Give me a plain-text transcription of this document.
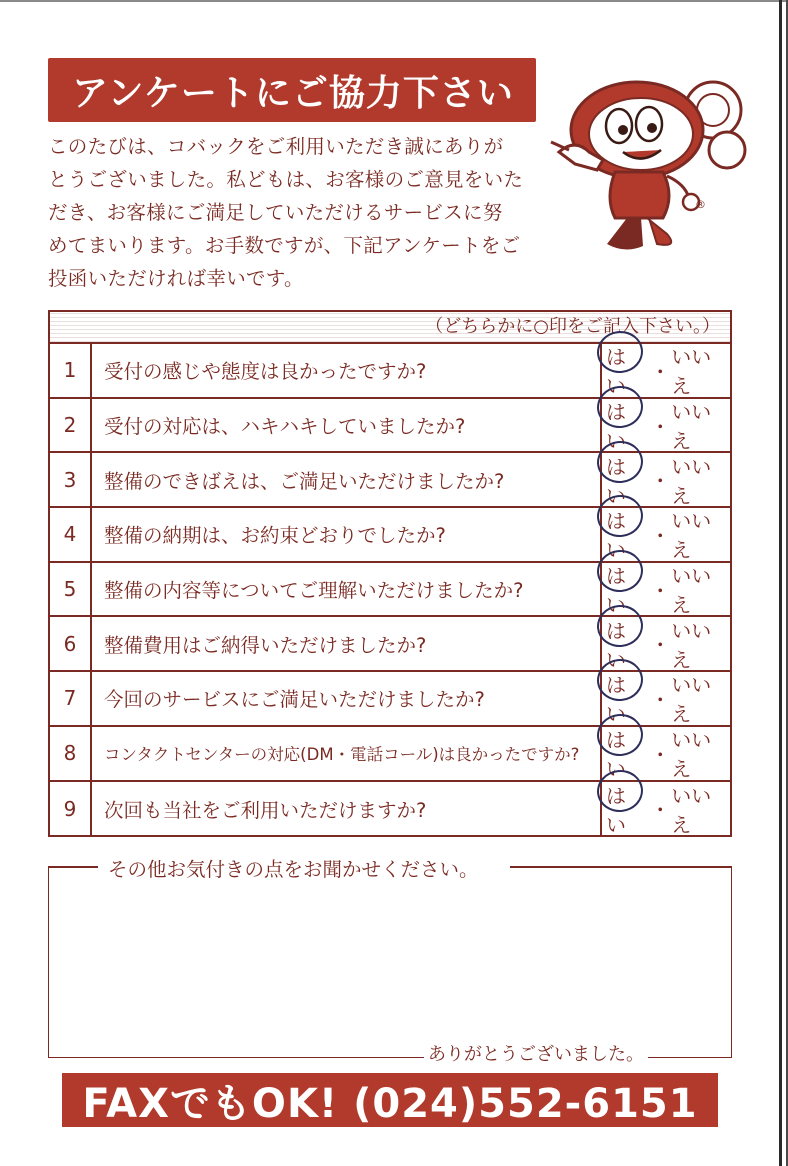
アンケートにご協力下さい
このたびは、コバックをご利用いただき誠にありが
とうございました。私どもは、お客様のご意見をいた
だき、お客様にご満足していただけるサービスに努
めてまいります。お手数ですが、下記アンケートをご
投函いただければ幸いです。
®
（どちらかに○印をご記入下さい。）
1	受付の感じや態度は良かったですか?
はい
・
いいえ
2	受付の対応は、ハキハキしていましたか?
はい
・
いいえ
3	整備のできばえは、ご満足いただけましたか?
はい
・
いいえ
4	整備の納期は、お約束どおりでしたか?
はい
・
いいえ
5	整備の内容等についてご理解いただけましたか?
はい
・
いいえ
6	整備費用はご納得いただけましたか?
はい
・
いいえ
7	今回のサービスにご満足いただけましたか?
はい
・
いいえ
8	コンタクトセンターの対応(DM・電話コール)は良かったですか?
はい
・
いいえ
9	次回も当社をご利用いただけますか?
はい
・
いいえ
その他お気付きの点をお聞かせください。
ありがとうございました。
FAXでもOK! (024)552-6151
